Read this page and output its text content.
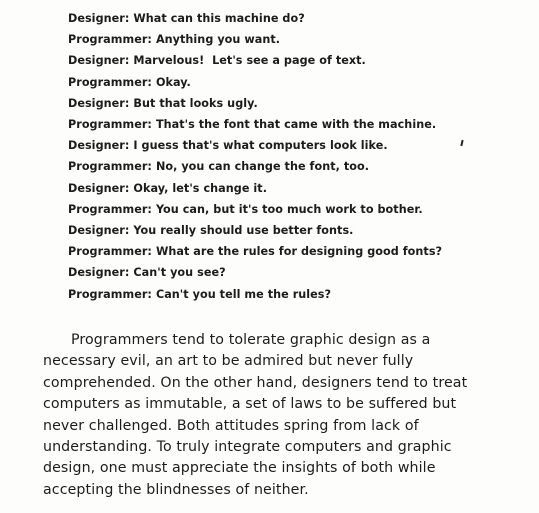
Designer : What can this machine do?
Programmer : Anything you want.
Designer : Marvelous!  Let's see a page of text.
Programmer : Okay.
Designer : But that looks ugly.
Programmer : That's the font that came with the machine.
Designer : I guess that's what computers look like.
Programmer : No, you can change the font, too.
Designer : Okay, let's change it.
Programmer : You can, but it's too much work to bother.
Designer : You really should use better fonts.
Programmer : What are the rules for designing good fonts?
Designer : Can't you see?
Programmer : Can't you tell me the rules?

Programmers tend to tolerate graphic design as a
necessary evil, an art to be admired but never fully
comprehended. On the other hand, designers tend to treat
computers as immutable, a set of laws to be suffered but
never challenged. Both attitudes spring from lack of
understanding. To truly integrate computers and graphic
design, one must appreciate the insights of both while
accepting the blindnesses of neither.
